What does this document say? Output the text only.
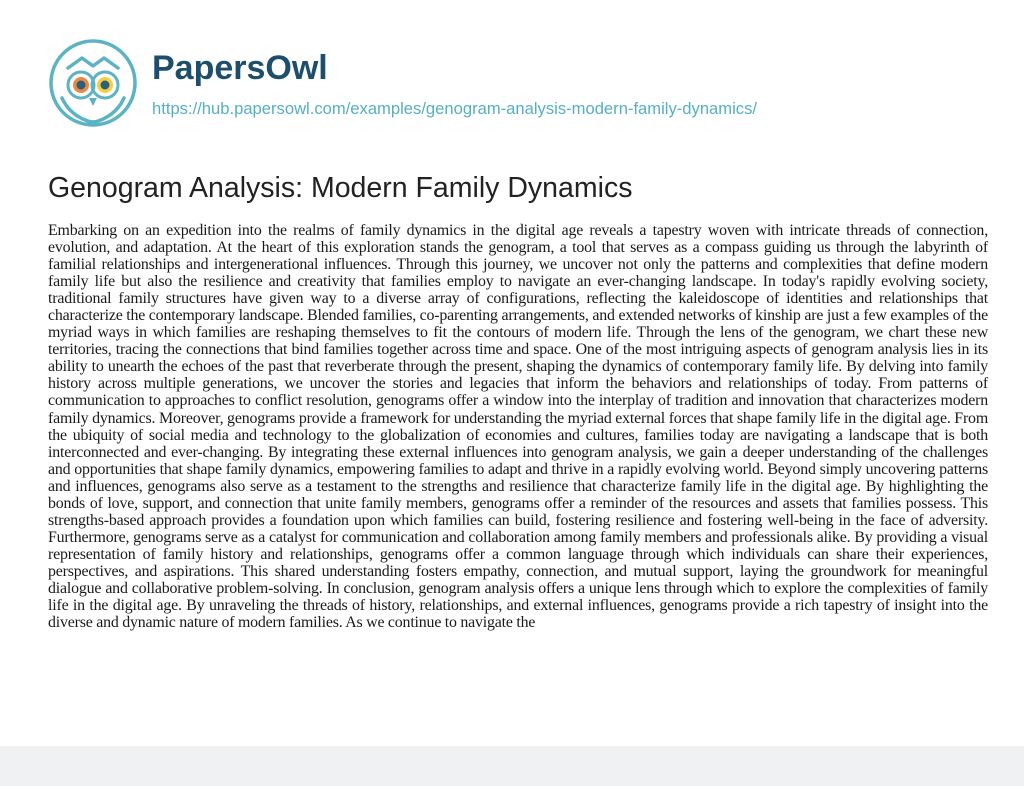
PapersOwl
https://hub.papersowl.com/examples/genogram-analysis-modern-family-dynamics/
Genogram Analysis: Modern Family Dynamics

Embarking on an expedition into the realms of family dynamics in the digital age reveals a tapestry woven with intricate threads of connection, evolution, and adaptation. At the heart of this exploration stands the genogram, a tool that serves as a compass guiding us through the labyrinth of familial relationships and intergenerational influences. Through this journey, we uncover not only the patterns and complexities that define modern family life but also the resilience and creativity that families employ to navigate an ever-changing landscape. In today's rapidly evolving society, traditional family structures have given way to a diverse array of configurations, reflecting the kaleidoscope of identities and relationships that characterize the contemporary landscape. Blended families, co-parenting arrangements, and extended networks of kinship are just a few examples of the myriad ways in which families are reshaping themselves to fit the contours of modern life. Through the lens of the genogram, we chart these new territories, tracing the connections that bind families together across time and space. One of the most intriguing aspects of genogram analysis lies in its ability to unearth the echoes of the past that reverberate through the present, shaping the dynamics of contemporary family life. By delving into family history across multiple generations, we uncover the stories and legacies that inform the behaviors and relationships of today. From patterns of communication to approaches to conflict resolution, genograms offer a window into the interplay of tradition and innovation that characterizes modern family dynamics. Moreover, genograms provide a framework for understanding the myriad external forces that shape family life in the digital age. From the ubiquity of social media and technology to the globalization of economies and cultures, families today are navigating a landscape that is both interconnected and ever-changing. By integrating these external influences into genogram analysis, we gain a deeper understanding of the challenges and opportunities that shape family dynamics, empowering families to adapt and thrive in a rapidly evolving world. Beyond simply uncovering patterns and influences, genograms also serve as a testament to the strengths and resilience that characterize family life in the digital age. By highlighting the bonds of love, support, and connection that unite family members, genograms offer a reminder of the resources and assets that families possess. This strengths-based approach provides a foundation upon which families can build, fostering resilience and fostering well-being in the face of adversity. Furthermore, genograms serve as a catalyst for communication and collaboration among family members and professionals alike. By providing a visual representation of family history and relationships, genograms offer a common language through which individuals can share their experiences, perspectives, and aspirations. This shared understanding fosters empathy, connection, and mutual support, laying the groundwork for meaningful dialogue and collaborative problem-solving. In conclusion, genogram analysis offers a unique lens through which to explore the complexities of family life in the digital age. By unraveling the threads of history, relationships, and external influences, genograms provide a rich tapestry of insight into the diverse and dynamic nature of modern families. As we continue to navigate the
